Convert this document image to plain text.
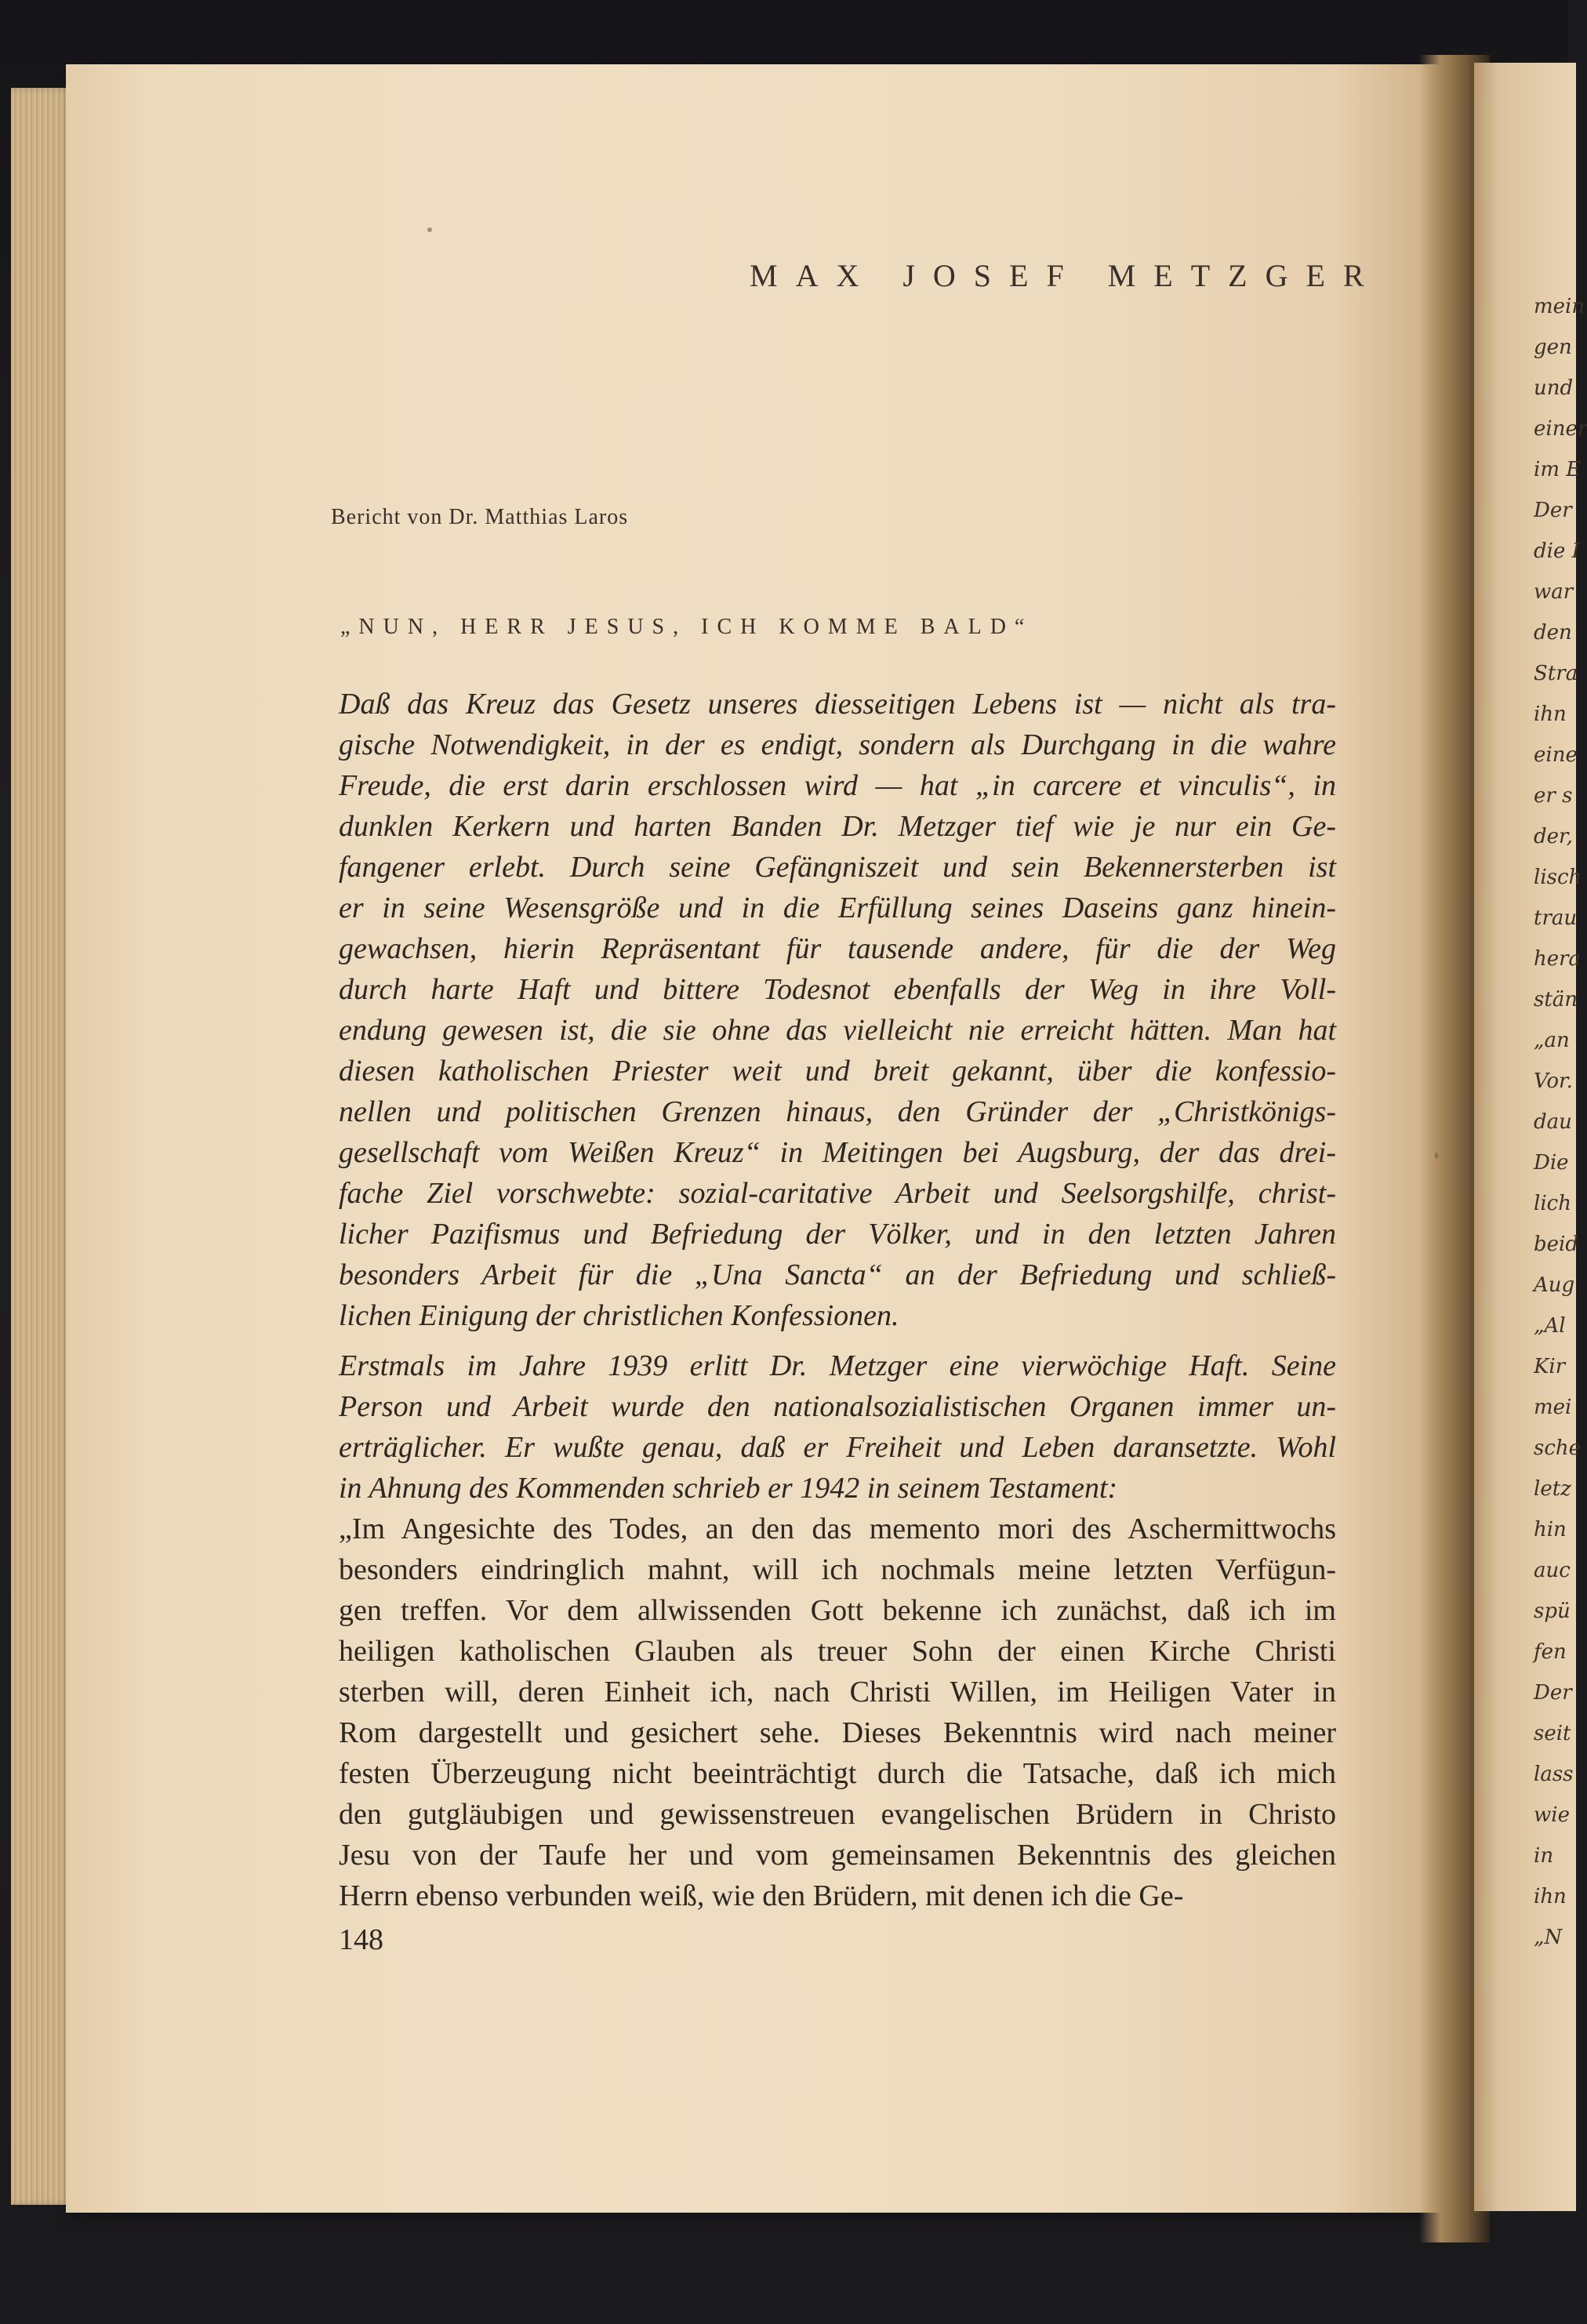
mein
gen
und
einer
im E
Der
die I
war
den
Stra
ihn
eine
er s
der,
lisch
trau
hera
stän
„an
Vor.
dau
Die
lich
beid
Aug
„Al
Kir
mei
sche
letz
hin
auc
spü
fen
Der
seit
lass
wie
in
ihn
„N
MAX JOSEF METZGER
Bericht von Dr. Matthias Laros
„NUN, HERR JESUS, ICH KOMME BALD“
Daß das Kreuz das Gesetz unseres diesseitigen Lebens ist — nicht als tra-
gische Notwendigkeit, in der es endigt, sondern als Durchgang in die wahre
Freude, die erst darin erschlossen wird — hat „in carcere et vinculis“, in
dunklen Kerkern und harten Banden Dr. Metzger tief wie je nur ein Ge-
fangener erlebt. Durch seine Gefängniszeit und sein Bekennersterben ist
er in seine Wesensgröße und in die Erfüllung seines Daseins ganz hinein-
gewachsen, hierin Repräsentant für tausende andere, für die der Weg
durch harte Haft und bittere Todesnot ebenfalls der Weg in ihre Voll-
endung gewesen ist, die sie ohne das vielleicht nie erreicht hätten. Man hat
diesen katholischen Priester weit und breit gekannt, über die konfessio-
nellen und politischen Grenzen hinaus, den Gründer der „Christkönigs-
gesellschaft vom Weißen Kreuz“ in Meitingen bei Augsburg, der das drei-
fache Ziel vorschwebte: sozial-caritative Arbeit und Seelsorgshilfe, christ-
licher Pazifismus und Befriedung der Völker, und in den letzten Jahren
besonders Arbeit für die „Una Sancta“ an der Befriedung und schließ-
lichen Einigung der christlichen Konfessionen.
Erstmals im Jahre 1939 erlitt Dr. Metzger eine vierwöchige Haft. Seine
Person und Arbeit wurde den nationalsozialistischen Organen immer un-
erträglicher. Er wußte genau, daß er Freiheit und Leben daransetzte. Wohl
in Ahnung des Kommenden schrieb er 1942 in seinem Testament:
„Im Angesichte des Todes, an den das memento mori des Aschermittwochs
besonders eindringlich mahnt, will ich nochmals meine letzten Verfügun-
gen treffen. Vor dem allwissenden Gott bekenne ich zunächst, daß ich im
heiligen katholischen Glauben als treuer Sohn der einen Kirche Christi
sterben will, deren Einheit ich, nach Christi Willen, im Heiligen Vater in
Rom dargestellt und gesichert sehe. Dieses Bekenntnis wird nach meiner
festen Überzeugung nicht beeinträchtigt durch die Tatsache, daß ich mich
den gutgläubigen und gewissenstreuen evangelischen Brüdern in Christo
Jesu von der Taufe her und vom gemeinsamen Bekenntnis des gleichen
Herrn ebenso verbunden weiß, wie den Brüdern, mit denen ich die Ge-
148
